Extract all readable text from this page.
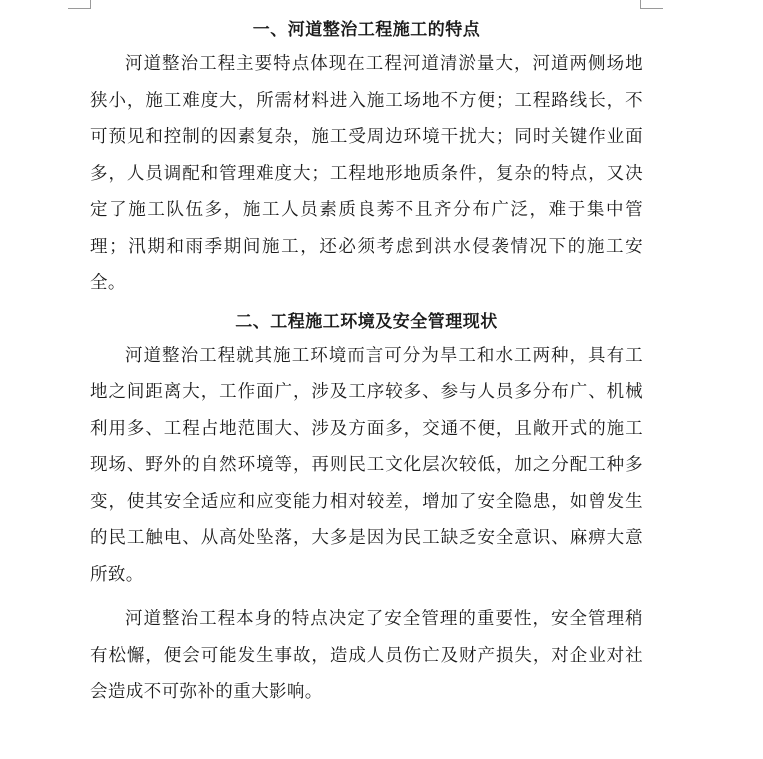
一、河道整治工程施工的特点

河道整治工程主要特点体现在工程河道清淤量大，河道两侧场地狭小，施工难度大，所需材料进入施工场地不方便；工程路线长，不可预见和控制的因素复杂，施工受周边环境干扰大；同时关键作业面多，人员调配和管理难度大；工程地形地质条件，复杂的特点，又决定了施工队伍多，施工人员素质良莠不且齐分布广泛，难于集中管理；汛期和雨季期间施工，还必须考虑到洪水侵袭情况下的施工安全。

二、工程施工环境及安全管理现状

河道整治工程就其施工环境而言可分为旱工和水工两种，具有工地之间距离大，工作面广，涉及工序较多、参与人员多分布广、机械利用多、工程占地范围大、涉及方面多，交通不便，且敞开式的施工现场、野外的自然环境等，再则民工文化层次较低，加之分配工种多变，使其安全适应和应变能力相对较差，增加了安全隐患，如曾发生的民工触电、从高处坠落，大多是因为民工缺乏安全意识、麻痹大意所致。

河道整治工程本身的特点决定了安全管理的重要性，安全管理稍有松懈，便会可能发生事故，造成人员伤亡及财产损失，对企业对社会造成不可弥补的重大影响。
